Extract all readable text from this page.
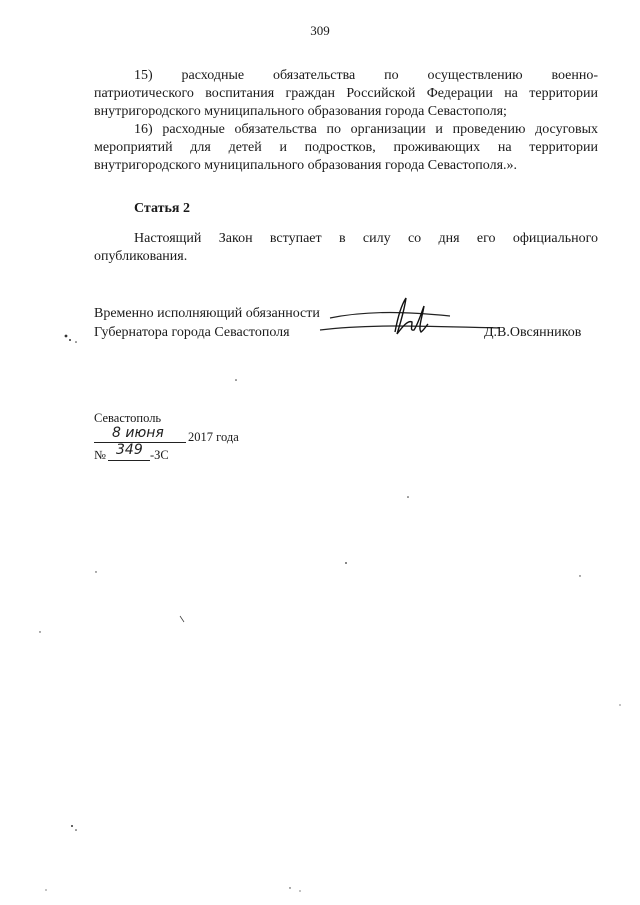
309
15) расходные обязательства по осуществлению военно-
патриотического воспитания граждан Российской Федерации на территории
внутригородского муниципального образования города Севастополя;
16) расходные обязательства по организации и проведению досуговых
мероприятий для детей и подростков, проживающих на территории
внутригородского муниципального образования города Севастополя.».
Статья 2
Настоящий Закон вступает в силу со дня его официального
опубликования.
Временно исполняющий обязанности
Губернатора города Севастополя	Д.В.Овсянников
Севастополь
8 июня 2017 года
№ 349 -ЗС
